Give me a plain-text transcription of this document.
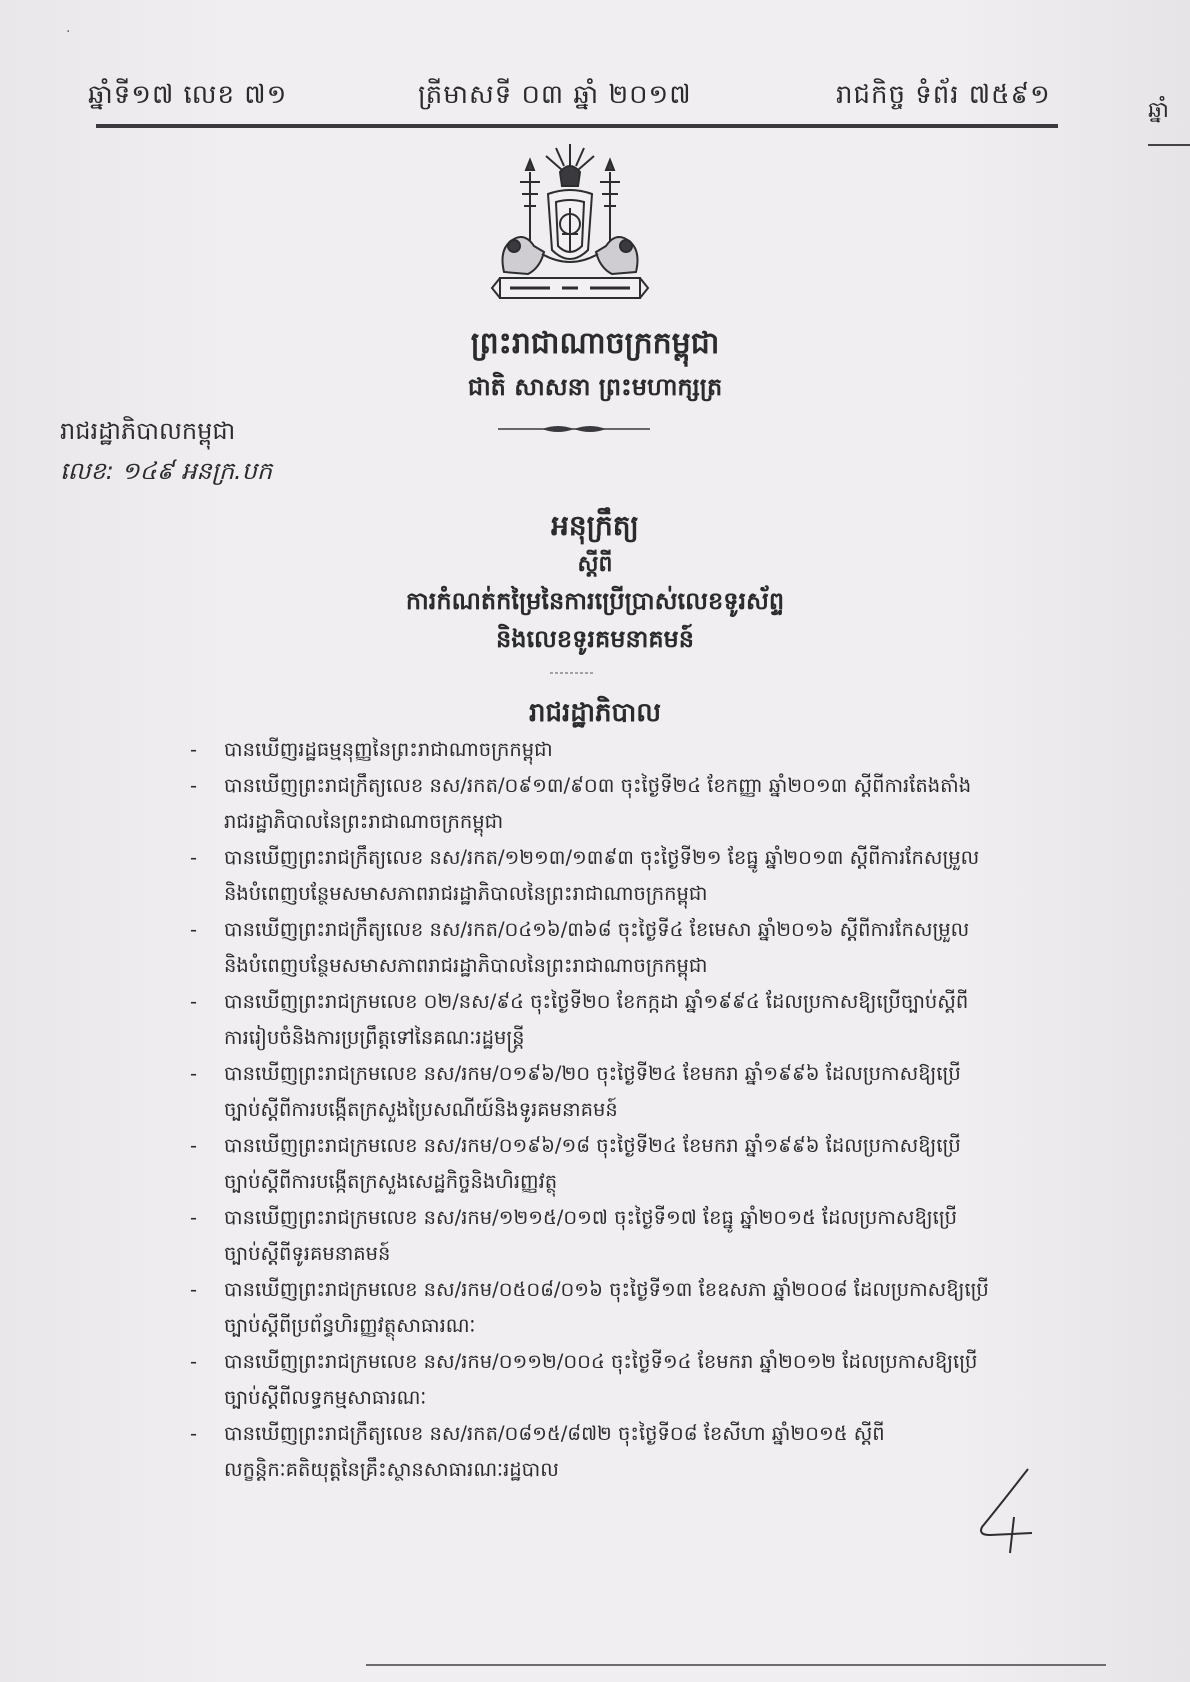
·
ឆ្នាំទី១៧ លេខ ៧១	ត្រីមាសទី ០៣ ឆ្នាំ ២០១៧	រាជកិច្ច ទំព័រ ៧៥៩១
ឆ្នាំ
ព្រះរាជាណាចក្រកម្ពុជា
ជាតិ សាសនា ព្រះមហាក្សត្រ
រាជរដ្ឋាភិបាលកម្ពុជា
លេខ: ១៤៩ អនក្រ.បក
អនុក្រឹត្យ
ស្តីពី
ការកំណត់កម្រៃនៃការប្រើប្រាស់លេខទូរស័ព្ទ
និងលេខទូរគមនាគមន៍
រាជរដ្ឋាភិបាល
- បានឃើញរដ្ឋធម្មនុញ្ញនៃព្រះរាជាណាចក្រកម្ពុជា
- បានឃើញព្រះរាជក្រឹត្យលេខ នស/រកត/០៩១៣/៩០៣ ចុះថ្ងៃទី២៤ ខែកញ្ញា ឆ្នាំ២០១៣ ស្តីពីការតែងតាំងរាជរដ្ឋាភិបាលនៃព្រះរាជាណាចក្រកម្ពុជា
- បានឃើញព្រះរាជក្រឹត្យលេខ នស/រកត/១២១៣/១៣៩៣ ចុះថ្ងៃទី២១ ខែធ្នូ ឆ្នាំ២០១៣ ស្តីពីការកែសម្រួលនិងបំពេញបន្ថែមសមាសភាពរាជរដ្ឋាភិបាលនៃព្រះរាជាណាចក្រកម្ពុជា
- បានឃើញព្រះរាជក្រឹត្យលេខ នស/រកត/០៤១៦/៣៦៨ ចុះថ្ងៃទី៤ ខែមេសា ឆ្នាំ២០១៦ ស្តីពីការកែសម្រួល និងបំពេញបន្ថែមសមាសភាពរាជរដ្ឋាភិបាលនៃព្រះរាជាណាចក្រកម្ពុជា
- បានឃើញព្រះរាជក្រមលេខ ០២/នស/៩៤ ចុះថ្ងៃទី២០ ខែកក្កដា ឆ្នាំ១៩៩៤ ដែលប្រកាសឱ្យប្រើច្បាប់ស្តីពីការរៀបចំនិងការប្រព្រឹត្តទៅនៃគណៈរដ្ឋមន្ត្រី
- បានឃើញព្រះរាជក្រមលេខ នស/រកម/០១៩៦/២០ ចុះថ្ងៃទី២៤ ខែមករា ឆ្នាំ១៩៩៦ ដែលប្រកាសឱ្យប្រើច្បាប់ស្តីពីការបង្កើតក្រសួងប្រៃសណីយ៍និងទូរគមនាគមន៍
- បានឃើញព្រះរាជក្រមលេខ នស/រកម/០១៩៦/១៨ ចុះថ្ងៃទី២៤ ខែមករា ឆ្នាំ១៩៩៦ ដែលប្រកាសឱ្យប្រើច្បាប់ស្តីពីការបង្កើតក្រសួងសេដ្ឋកិច្ចនិងហិរញ្ញវត្ថុ
- បានឃើញព្រះរាជក្រមលេខ នស/រកម/១២១៥/០១៧ ចុះថ្ងៃទី១៧ ខែធ្នូ ឆ្នាំ២០១៥ ដែលប្រកាសឱ្យប្រើច្បាប់ស្តីពីទូរគមនាគមន៍
- បានឃើញព្រះរាជក្រមលេខ នស/រកម/០៥០៨/០១៦ ចុះថ្ងៃទី១៣ ខែឧសភា ឆ្នាំ២០០៨ ដែលប្រកាសឱ្យប្រើច្បាប់ស្តីពីប្រព័ន្ធហិរញ្ញវត្ថុសាធារណៈ
- បានឃើញព្រះរាជក្រមលេខ នស/រកម/០១១២/០០៤ ចុះថ្ងៃទី១៤ ខែមករា ឆ្នាំ២០១២ ដែលប្រកាសឱ្យប្រើច្បាប់ស្តីពីលទ្ធកម្មសាធារណៈ
- បានឃើញព្រះរាជក្រឹត្យលេខ នស/រកត/០៨១៥/៨៧២ ចុះថ្ងៃទី០៨ ខែសីហា ឆ្នាំ២០១៥ ស្តីពីលក្ខន្តិកៈគតិយុត្តនៃគ្រឹះស្ថានសាធារណៈរដ្ឋបាល
